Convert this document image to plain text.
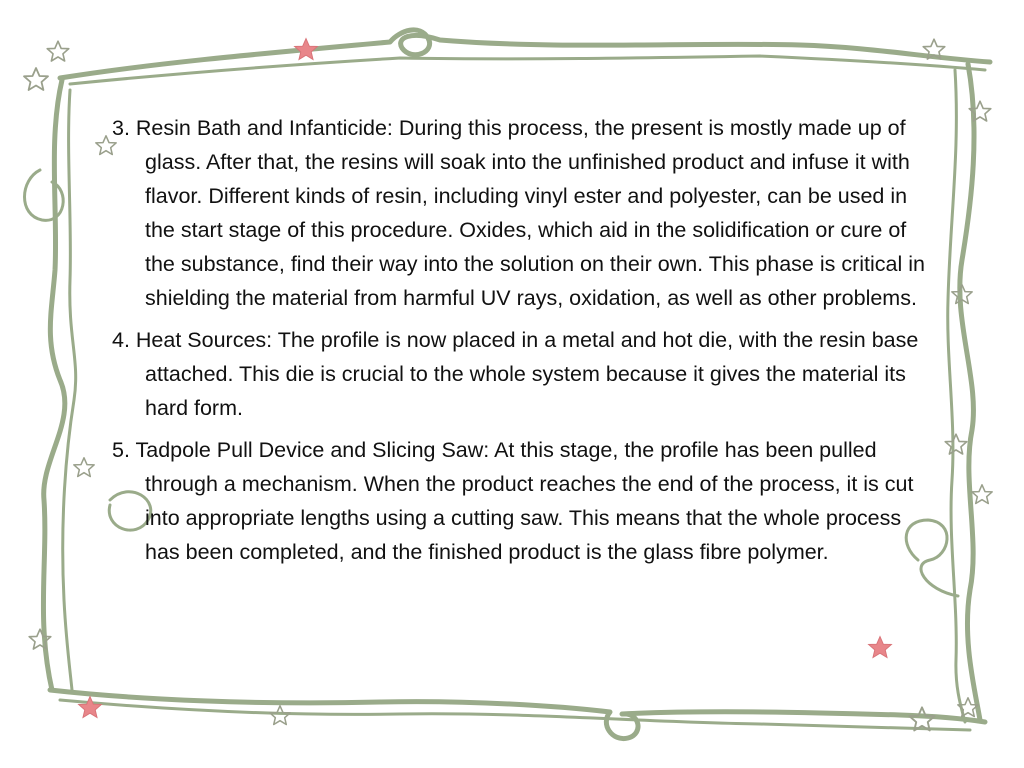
3. Resin Bath and Infanticide: During this process, the present is mostly made up of glass. After that, the resins will soak into the unfinished product and infuse it with flavor. Different kinds of resin, including vinyl ester and polyester, can be used in the start stage of this procedure. Oxides, which aid in the solidification or cure of the substance, find their way into the solution on their own. This phase is critical in shielding the material from harmful UV rays, oxidation, as well as other problems.

4. Heat Sources: The profile is now placed in a metal and hot die, with the resin base attached. This die is crucial to the whole system because it gives the material its hard form.

5. Tadpole Pull Device and Slicing Saw: At this stage, the profile has been pulled through a mechanism. When the product reaches the end of the process, it is cut into appropriate lengths using a cutting saw. This means that the whole process has been completed, and the finished product is the glass fibre polymer.
